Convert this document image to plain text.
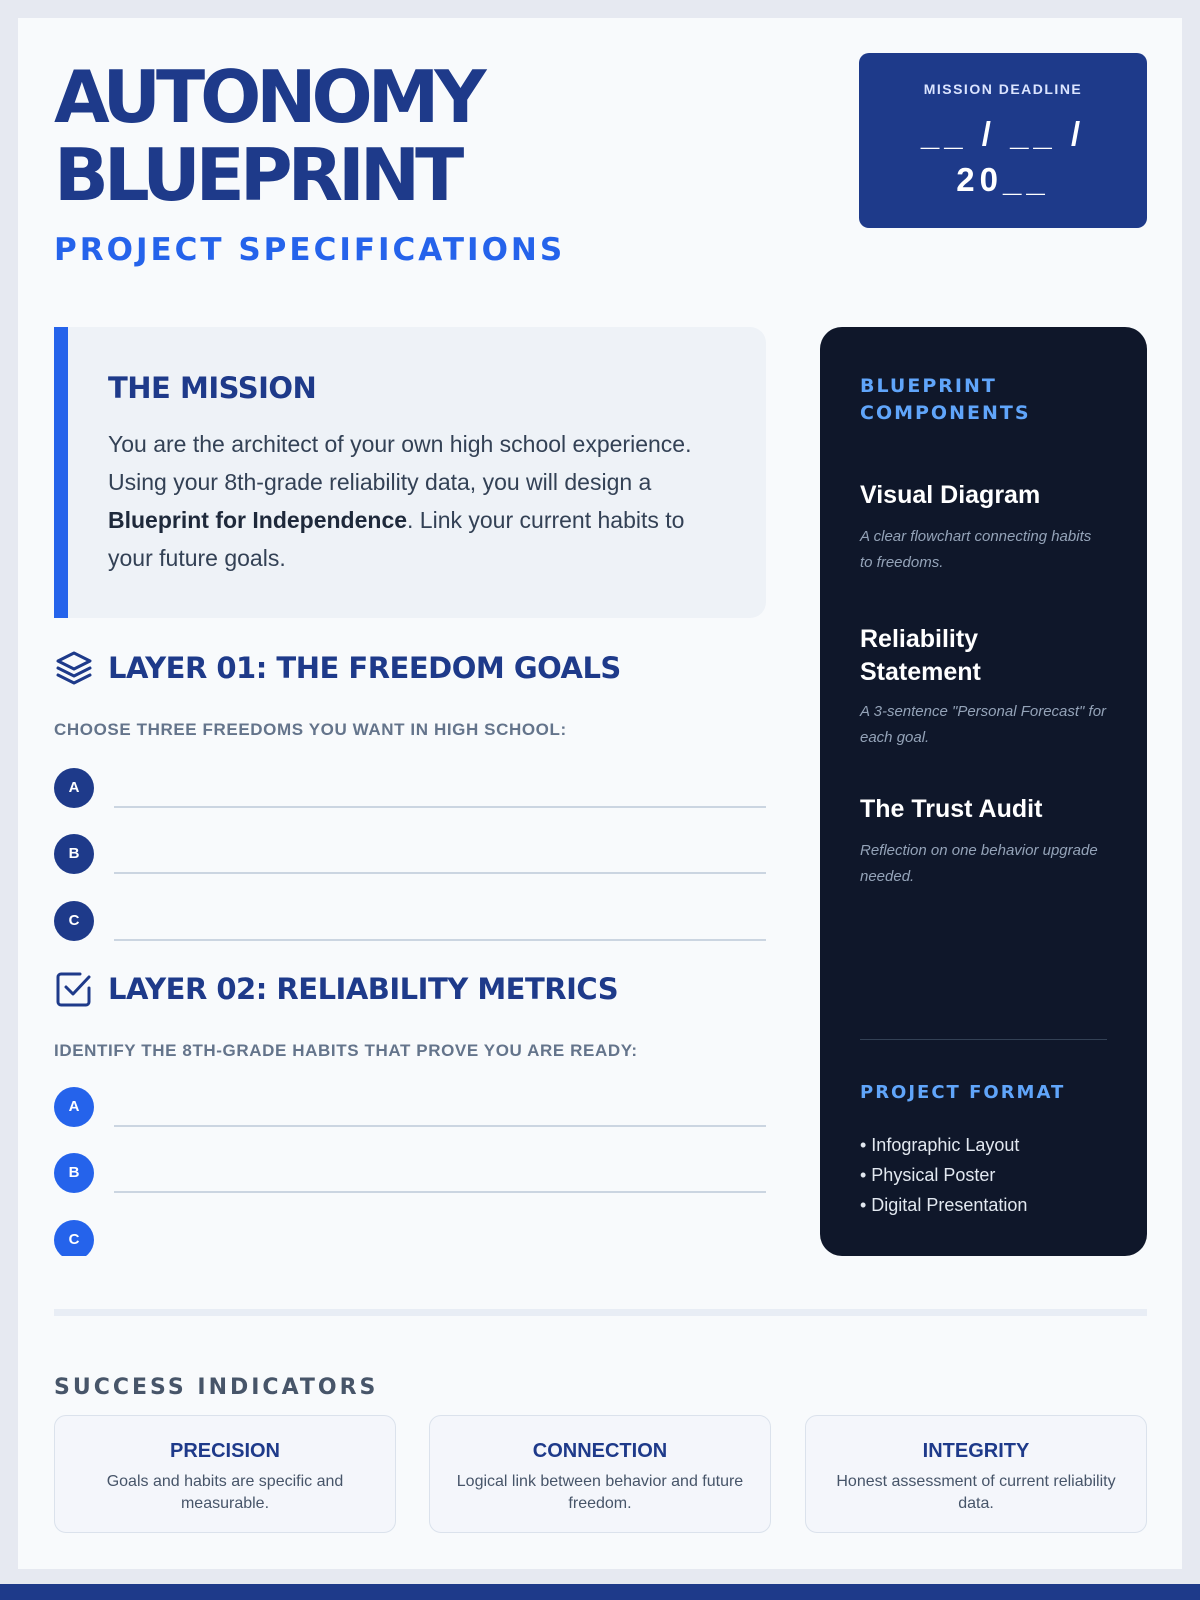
AUTONOMY
BLUEPRINT
PROJECT SPECIFICATIONS
MISSION DEADLINE
__ / __ /
20__
THE MISSION

You are the architect of your own high school experience. Using your 8th-grade reliability data, you will design a Blueprint for Independence. Link your current habits to your future goals.

LAYER 01: THE FREEDOM GOALS
CHOOSE THREE FREEDOMS YOU WANT IN HIGH SCHOOL:
A
B
C
LAYER 02: RELIABILITY METRICS
IDENTIFY THE 8TH-GRADE HABITS THAT PROVE YOU ARE READY:
A
B
C
BLUEPRINT
COMPONENTS
Visual Diagram
A clear flowchart connecting habits to freedoms.
Reliability Statement
A 3-sentence "Personal Forecast" for each goal.
The Trust Audit
Reflection on one behavior upgrade needed.
PROJECT FORMAT
• Infographic Layout
• Physical Poster
• Digital Presentation
SUCCESS INDICATORS
PRECISION
Goals and habits are specific and measurable.
CONNECTION
Logical link between behavior and future freedom.
INTEGRITY
Honest assessment of current reliability data.
